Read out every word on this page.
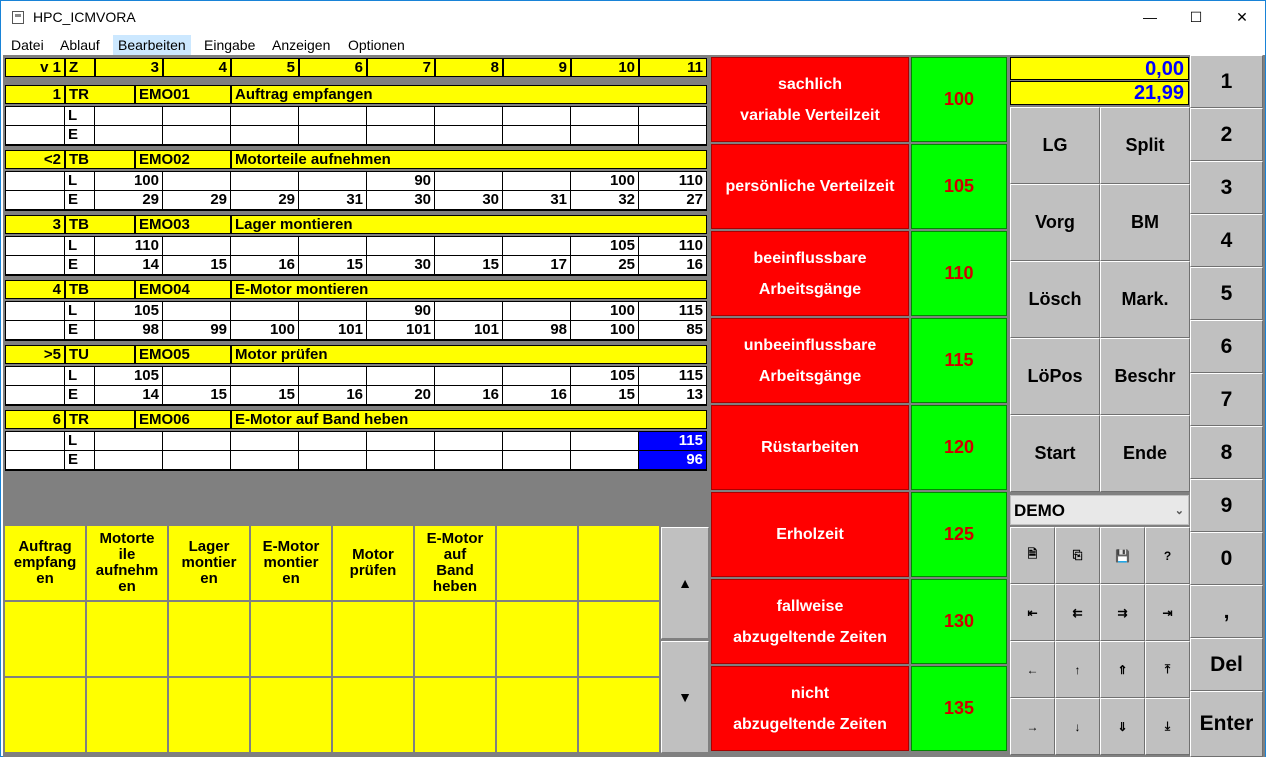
HPC_ICMVORA	—	☐	✕
Datei	Ablauf	Bearbeiten	Eingabe	Anzeigen	Optionen
v 1 Z	3	4	5	6	7	8	9	10	11
1 TR	EMO01	Auftrag empfangen
L
E
<2 TB	EMO02	Motorteile aufnehmen
L	100	90	100	110
E	29	29	29	31	30	30	31	32	27
3 TB	EMO03	Lager montieren
L	110	105	110
E	14	15	16	15	30	15	17	25	16
4 TB	EMO04	E-Motor montieren
L	105	90	100	115
E	98	99	100	101	101	101	98	100	85
>5 TU	EMO05	Motor prüfen
L	105	105	115
E	14	15	15	16	20	16	16	15	13
6 TR	EMO06	E-Motor auf Band heben
L	115
E	96
Auftrag
empfang
en
Motorte
ile
aufnehm
en
Lager
montier
en
E-Motor
montier
en
Motor
prüfen
E-Motor
auf
Band
heben	▲
▼
sachlich
variable Verteilzeit
100
persönliche Verteilzeit	105
beeinflussbare
Arbeitsgänge
110
unbeeinflussbare
Arbeitsgänge
115
Rüstarbeiten	120
Erholzeit	125
fallweise
abzugeltende Zeiten
130
nicht
abzugeltende Zeiten
135
0,00
21,99
LG	Split
Vorg	BM
Lösch	Mark.
LöPos	Beschr
Start	Ende
DEMO	⌄
🗎	⎘	💾	?
⇤	⇇	⇉	⇥
←	↑	⇑	⤒
→	↓	⇓	⤓
1
2
3
4
5
6
7
8
9
0
,
Del
Enter
